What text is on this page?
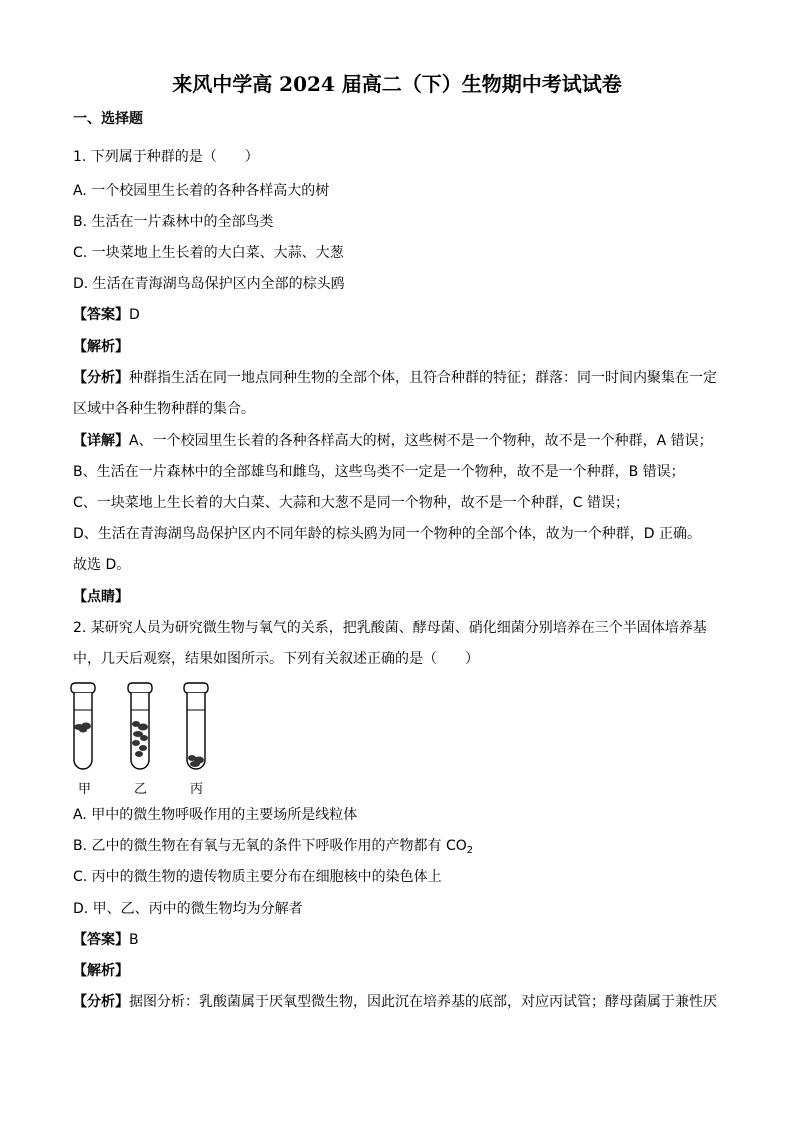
来风中学高 2024 届高二（下）生物期中考试试卷
一、选择题
1. 下列属于种群的是（　　）
A. 一个校园里生长着的各种各样高大的树
B. 生活在一片森林中的全部鸟类
C. 一块菜地上生长着的大白菜、大蒜、大葱
D. 生活在青海湖鸟岛保护区内全部的棕头鸥
【答案】D
【解析】
【分析】种群指生活在同一地点同种生物的全部个体，且符合种群的特征；群落：同一时间内聚集在一定
区域中各种生物种群的集合。
【详解】A、一个校园里生长着的各种各样高大的树，这些树不是一个物种，故不是一个种群，A 错误；
B、生活在一片森林中的全部雄鸟和雌鸟，这些鸟类不一定是一个物种，故不是一个种群，B 错误；
C、一块菜地上生长着的大白菜、大蒜和大葱不是同一个物种，故不是一个种群，C 错误；
D、生活在青海湖鸟岛保护区内不同年龄的棕头鸥为同一个物种的全部个体，故为一个种群，D 正确。
故选 D。
【点睛】
2. 某研究人员为研究微生物与氧气的关系，把乳酸菌、酵母菌、硝化细菌分别培养在三个半固体培养基
中，几天后观察，结果如图所示。下列有关叙述正确的是（　　）
甲	乙	丙
A. 甲中的微生物呼吸作用的主要场所是线粒体
B. 乙中的微生物在有氧与无氧的条件下呼吸作用的产物都有 $CO_2$
C. 丙中的微生物的遗传物质主要分布在细胞核中的染色体上
D. 甲、乙、丙中的微生物均为分解者
【答案】B
【解析】
【分析】据图分析：乳酸菌属于厌氧型微生物，因此沉在培养基的底部，对应丙试管；酵母菌属于兼性厌
